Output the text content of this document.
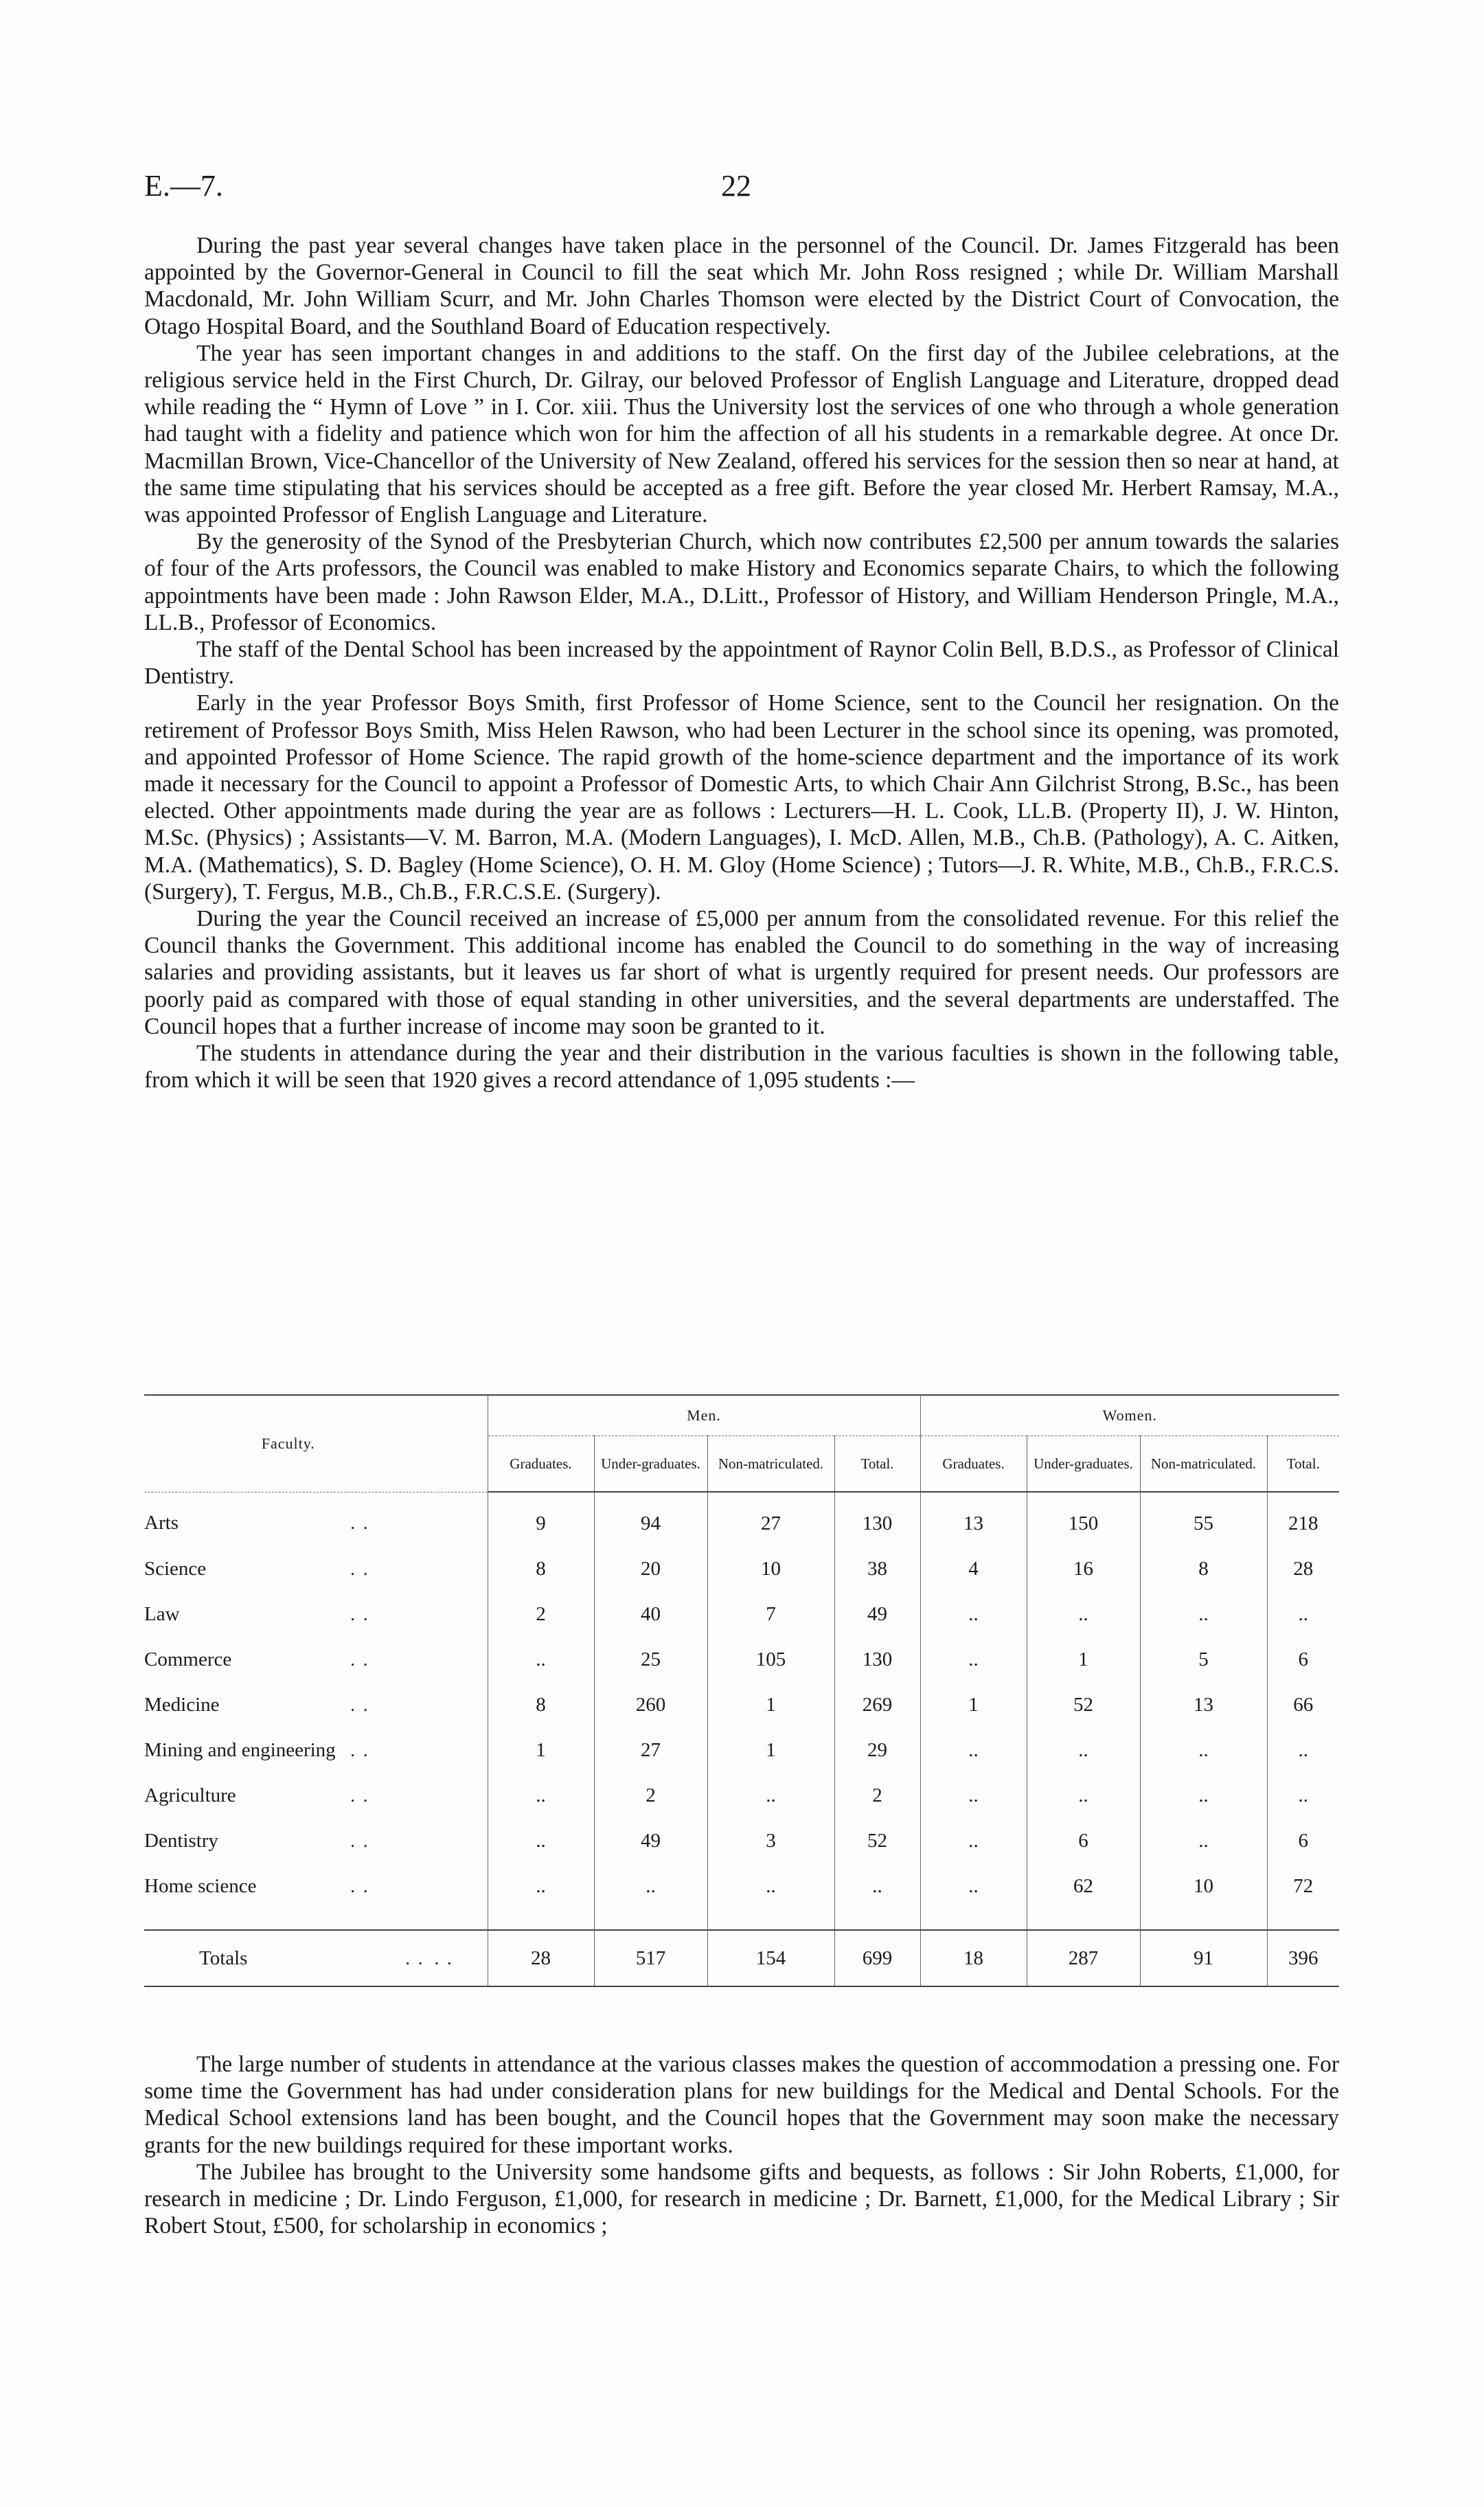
E.—7.	22

During the past year several changes have taken place in the personnel of the Council. Dr. James Fitzgerald has been appointed by the Governor-General in Council to fill the seat which Mr. John Ross resigned ; while Dr. William Marshall Macdonald, Mr. John William Scurr, and Mr. John Charles Thomson were elected by the District Court of Convocation, the Otago Hospital Board, and the Southland Board of Education respectively.

The year has seen important changes in and additions to the staff. On the first day of the Jubilee celebrations, at the religious service held in the First Church, Dr. Gilray, our beloved Professor of English Language and Literature, dropped dead while reading the “ Hymn of Love ” in I. Cor. xiii. Thus the University lost the services of one who through a whole generation had taught with a fidelity and patience which won for him the affection of all his students in a remarkable degree. At once Dr. Macmillan Brown, Vice-Chancellor of the University of New Zealand, offered his services for the session then so near at hand, at the same time stipulating that his services should be accepted as a free gift. Before the year closed Mr. Herbert Ramsay, M.A., was appointed Professor of English Language and Literature.

By the generosity of the Synod of the Presbyterian Church, which now contributes £2,500 per annum towards the salaries of four of the Arts professors, the Council was enabled to make History and Economics separate Chairs, to which the following appointments have been made : John Rawson Elder, M.A., D.Litt., Professor of History, and William Henderson Pringle, M.A., LL.B., Professor of Economics.

The staff of the Dental School has been increased by the appointment of Raynor Colin Bell, B.D.S., as Professor of Clinical Dentistry.

Early in the year Professor Boys Smith, first Professor of Home Science, sent to the Council her resignation. On the retirement of Professor Boys Smith, Miss Helen Rawson, who had been Lecturer in the school since its opening, was promoted, and appointed Professor of Home Science. The rapid growth of the home-science department and the importance of its work made it necessary for the Council to appoint a Professor of Domestic Arts, to which Chair Ann Gilchrist Strong, B.Sc., has been elected. Other appointments made during the year are as follows : Lecturers—H. L. Cook, LL.B. (Property II), J. W. Hinton, M.Sc. (Physics) ; Assistants—V. M. Barron, M.A. (Modern Languages), I. McD. Allen, M.B., Ch.B. (Pathology), A. C. Aitken, M.A. (Mathematics), S. D. Bagley (Home Science), O. H. M. Gloy (Home Science) ; Tutors—J. R. White, M.B., Ch.B., F.R.C.S. (Surgery), T. Fergus, M.B., Ch.B., F.R.C.S.E. (Surgery).

During the year the Council received an increase of £5,000 per annum from the consolidated revenue. For this relief the Council thanks the Government. This additional income has enabled the Council to do something in the way of increasing salaries and providing assistants, but it leaves us far short of what is urgently required for present needs. Our professors are poorly paid as compared with those of equal standing in other universities, and the several departments are understaffed. The Council hopes that a further increase of income may soon be granted to it.

The students in attendance during the year and their distribution in the various faculties is shown in the following table, from which it will be seen that 1920 gives a record attendance of 1,095 students :—

Faculty.	Men.				Women.			
	Graduates.	Under-graduates.	Non-matriculated.	Total.	Graduates.	Under-graduates.	Non-matriculated.	Total.
Arts . .	9	94	27	130	13	150	55	218
Science . .	8	20	10	38	4	16	8	28
Law . .	2	40	7	49	..	..	..	..
Commerce . .	..	25	105	130	..	1	5	6
Medicine . .	8	260	1	269	1	52	13	66
Mining and engineering . .	1	27	1	29	..	..	..	..
Agriculture . .	..	2	..	2	..	..	..	..
Dentistry . .	..	49	3	52	..	6	..	6
Home science . .	..	..	..	..	..	62	10	72

Totals . . . .	28	517	154	699	18	287	91	396

The large number of students in attendance at the various classes makes the question of accommodation a pressing one. For some time the Government has had under consideration plans for new buildings for the Medical and Dental Schools. For the Medical School extensions land has been bought, and the Council hopes that the Government may soon make the necessary grants for the new buildings required for these important works.

The Jubilee has brought to the University some handsome gifts and bequests, as follows : Sir John Roberts, £1,000, for research in medicine ; Dr. Lindo Ferguson, £1,000, for research in medicine ; Dr. Barnett, £1,000, for the Medical Library ; Sir Robert Stout, £500, for scholarship in economics ;
